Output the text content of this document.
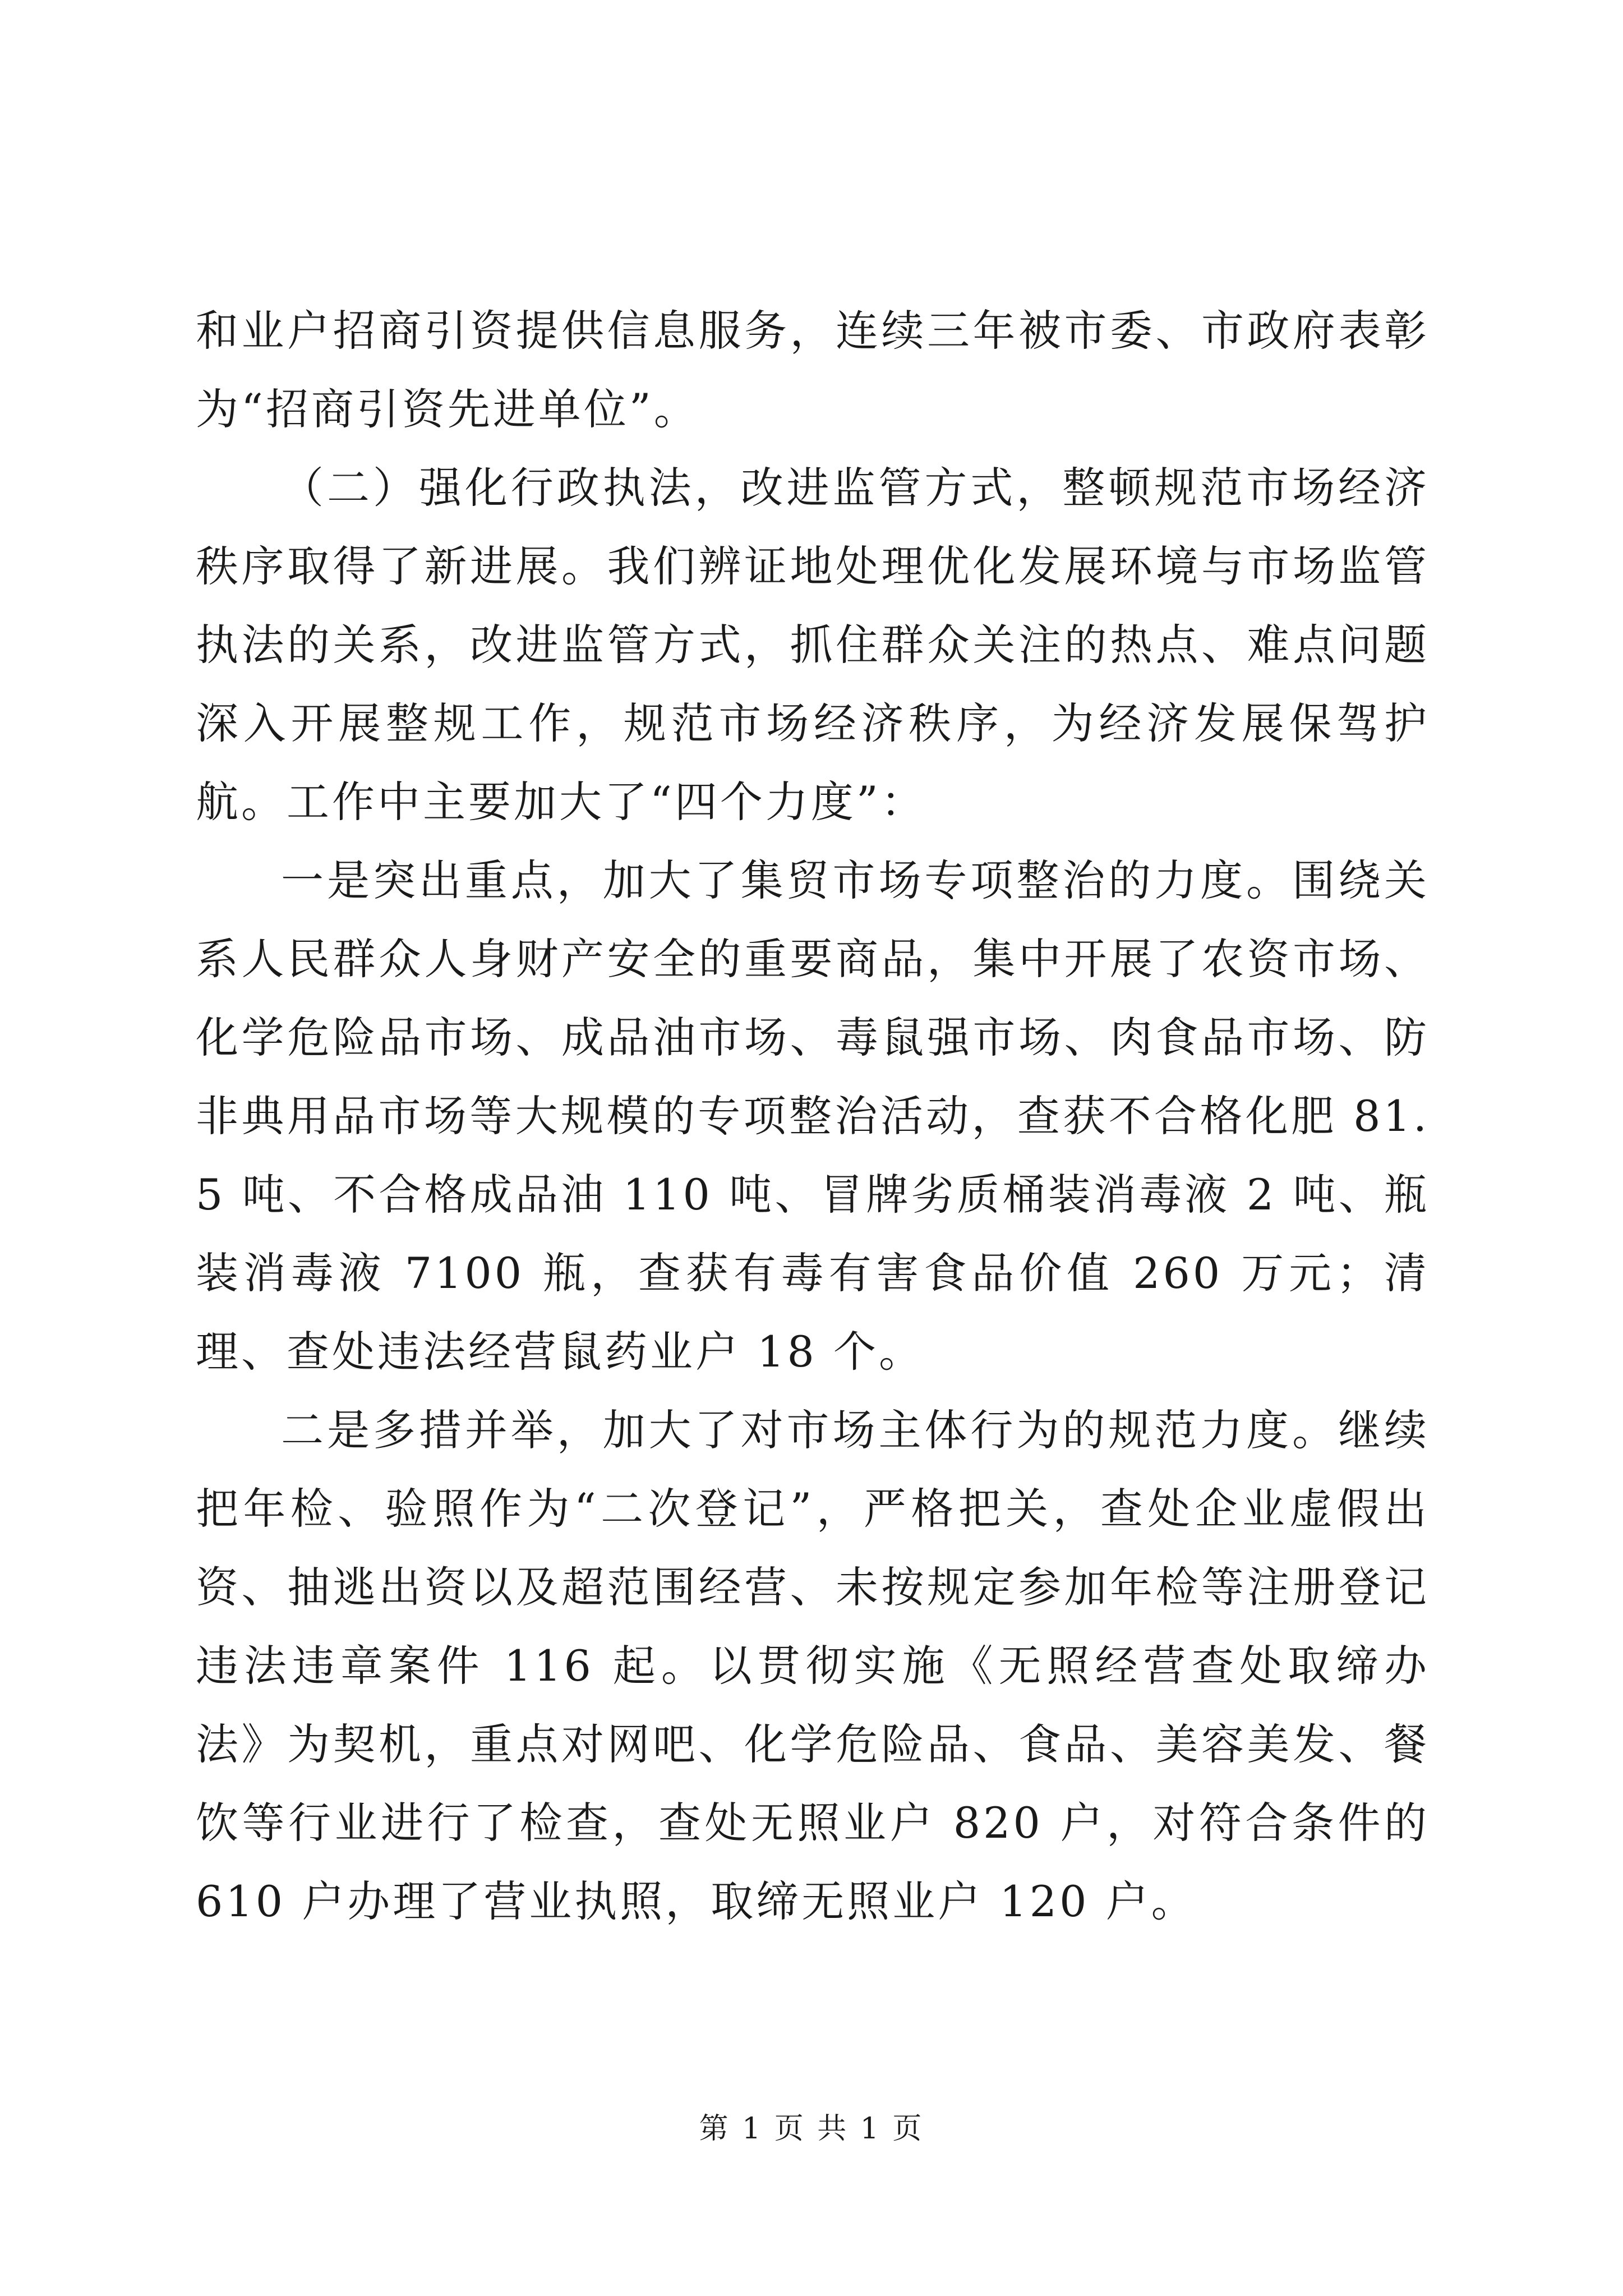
和业户招商引资提供信息服务，连续三年被市委、市政府表彰为“招商引资先进单位”。

（二）强化行政执法，改进监管方式，整顿规范市场经济秩序取得了新进展。我们辨证地处理优化发展环境与市场监管执法的关系，改进监管方式，抓住群众关注的热点、难点问题深入开展整规工作，规范市场经济秩序，为经济发展保驾护航。工作中主要加大了“四个力度”：

一是突出重点，加大了集贸市场专项整治的力度。围绕关系人民群众人身财产安全的重要商品，集中开展了农资市场、化学危险品市场、成品油市场、毒鼠强市场、肉食品市场、防非典用品市场等大规模的专项整治活动，查获不合格化肥 81.5 吨、不合格成品油 110 吨、冒牌劣质桶装消毒液 2 吨、瓶装消毒液 7100 瓶，查获有毒有害食品价值 260 万元；清理、查处违法经营鼠药业户 18 个。

二是多措并举，加大了对市场主体行为的规范力度。继续把年检、验照作为“二次登记”，严格把关，查处企业虚假出资、抽逃出资以及超范围经营、未按规定参加年检等注册登记违法违章案件 116 起。以贯彻实施《无照经营查处取缔办法》为契机，重点对网吧、化学危险品、食品、美容美发、餐饮等行业进行了检查，查处无照业户 820 户，对符合条件的 610 户办理了营业执照，取缔无照业户 120 户。

第 1 页 共 1 页
